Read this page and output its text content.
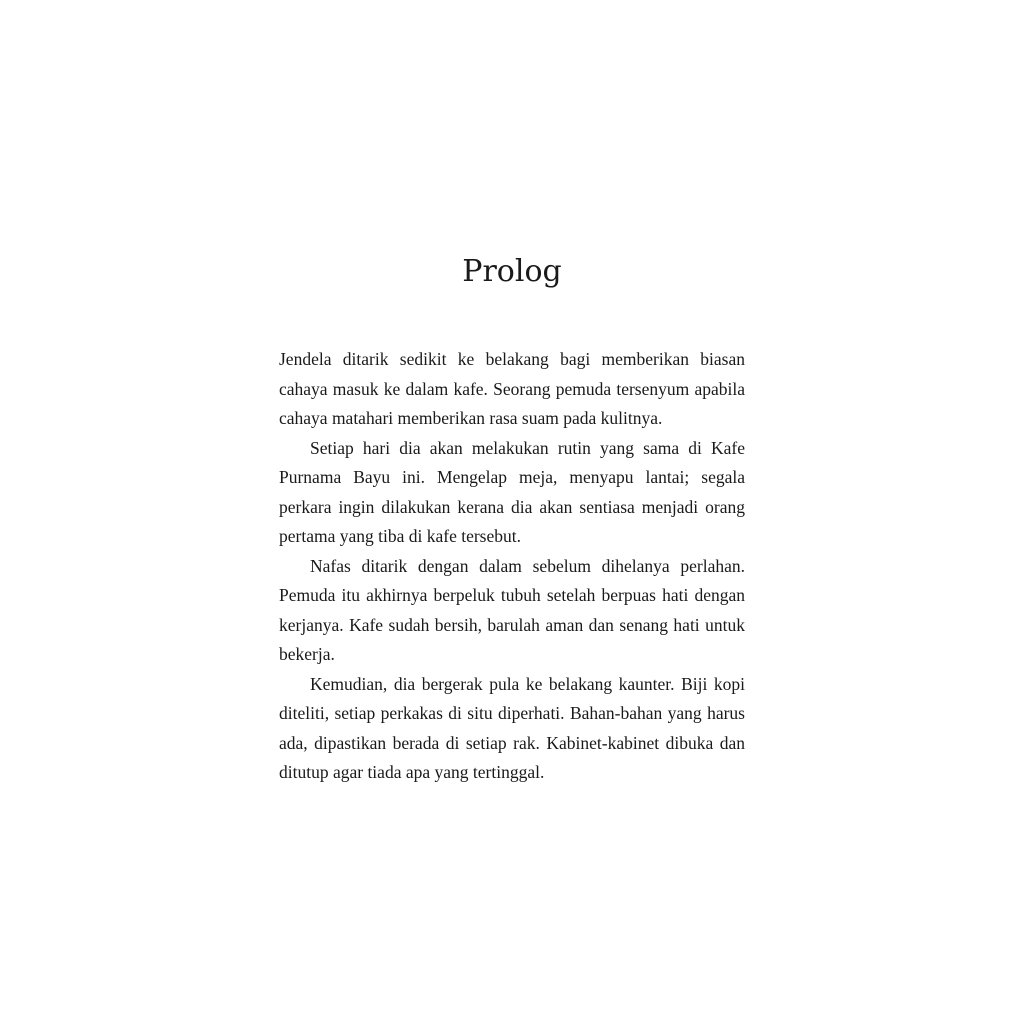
Prolog

Jendela ditarik sedikit ke belakang bagi memberikan biasan cahaya masuk ke dalam kafe. Seorang pemuda tersenyum apabila cahaya matahari memberikan rasa suam pada kulitnya.

Setiap hari dia akan melakukan rutin yang sama di Kafe Purnama Bayu ini. Mengelap meja, menyapu lantai; segala perkara ingin dilakukan kerana dia akan sentiasa menjadi orang pertama yang tiba di kafe tersebut.

Nafas ditarik dengan dalam sebelum dihelanya perlahan. Pemuda itu akhirnya berpeluk tubuh setelah berpuas hati dengan kerjanya. Kafe sudah bersih, barulah aman dan senang hati untuk bekerja.

Kemudian, dia bergerak pula ke belakang kaunter. Biji kopi diteliti, setiap perkakas di situ diperhati. Bahan-bahan yang harus ada, dipastikan berada di setiap rak. Kabinet-kabinet dibuka dan ditutup agar tiada apa yang tertinggal.
